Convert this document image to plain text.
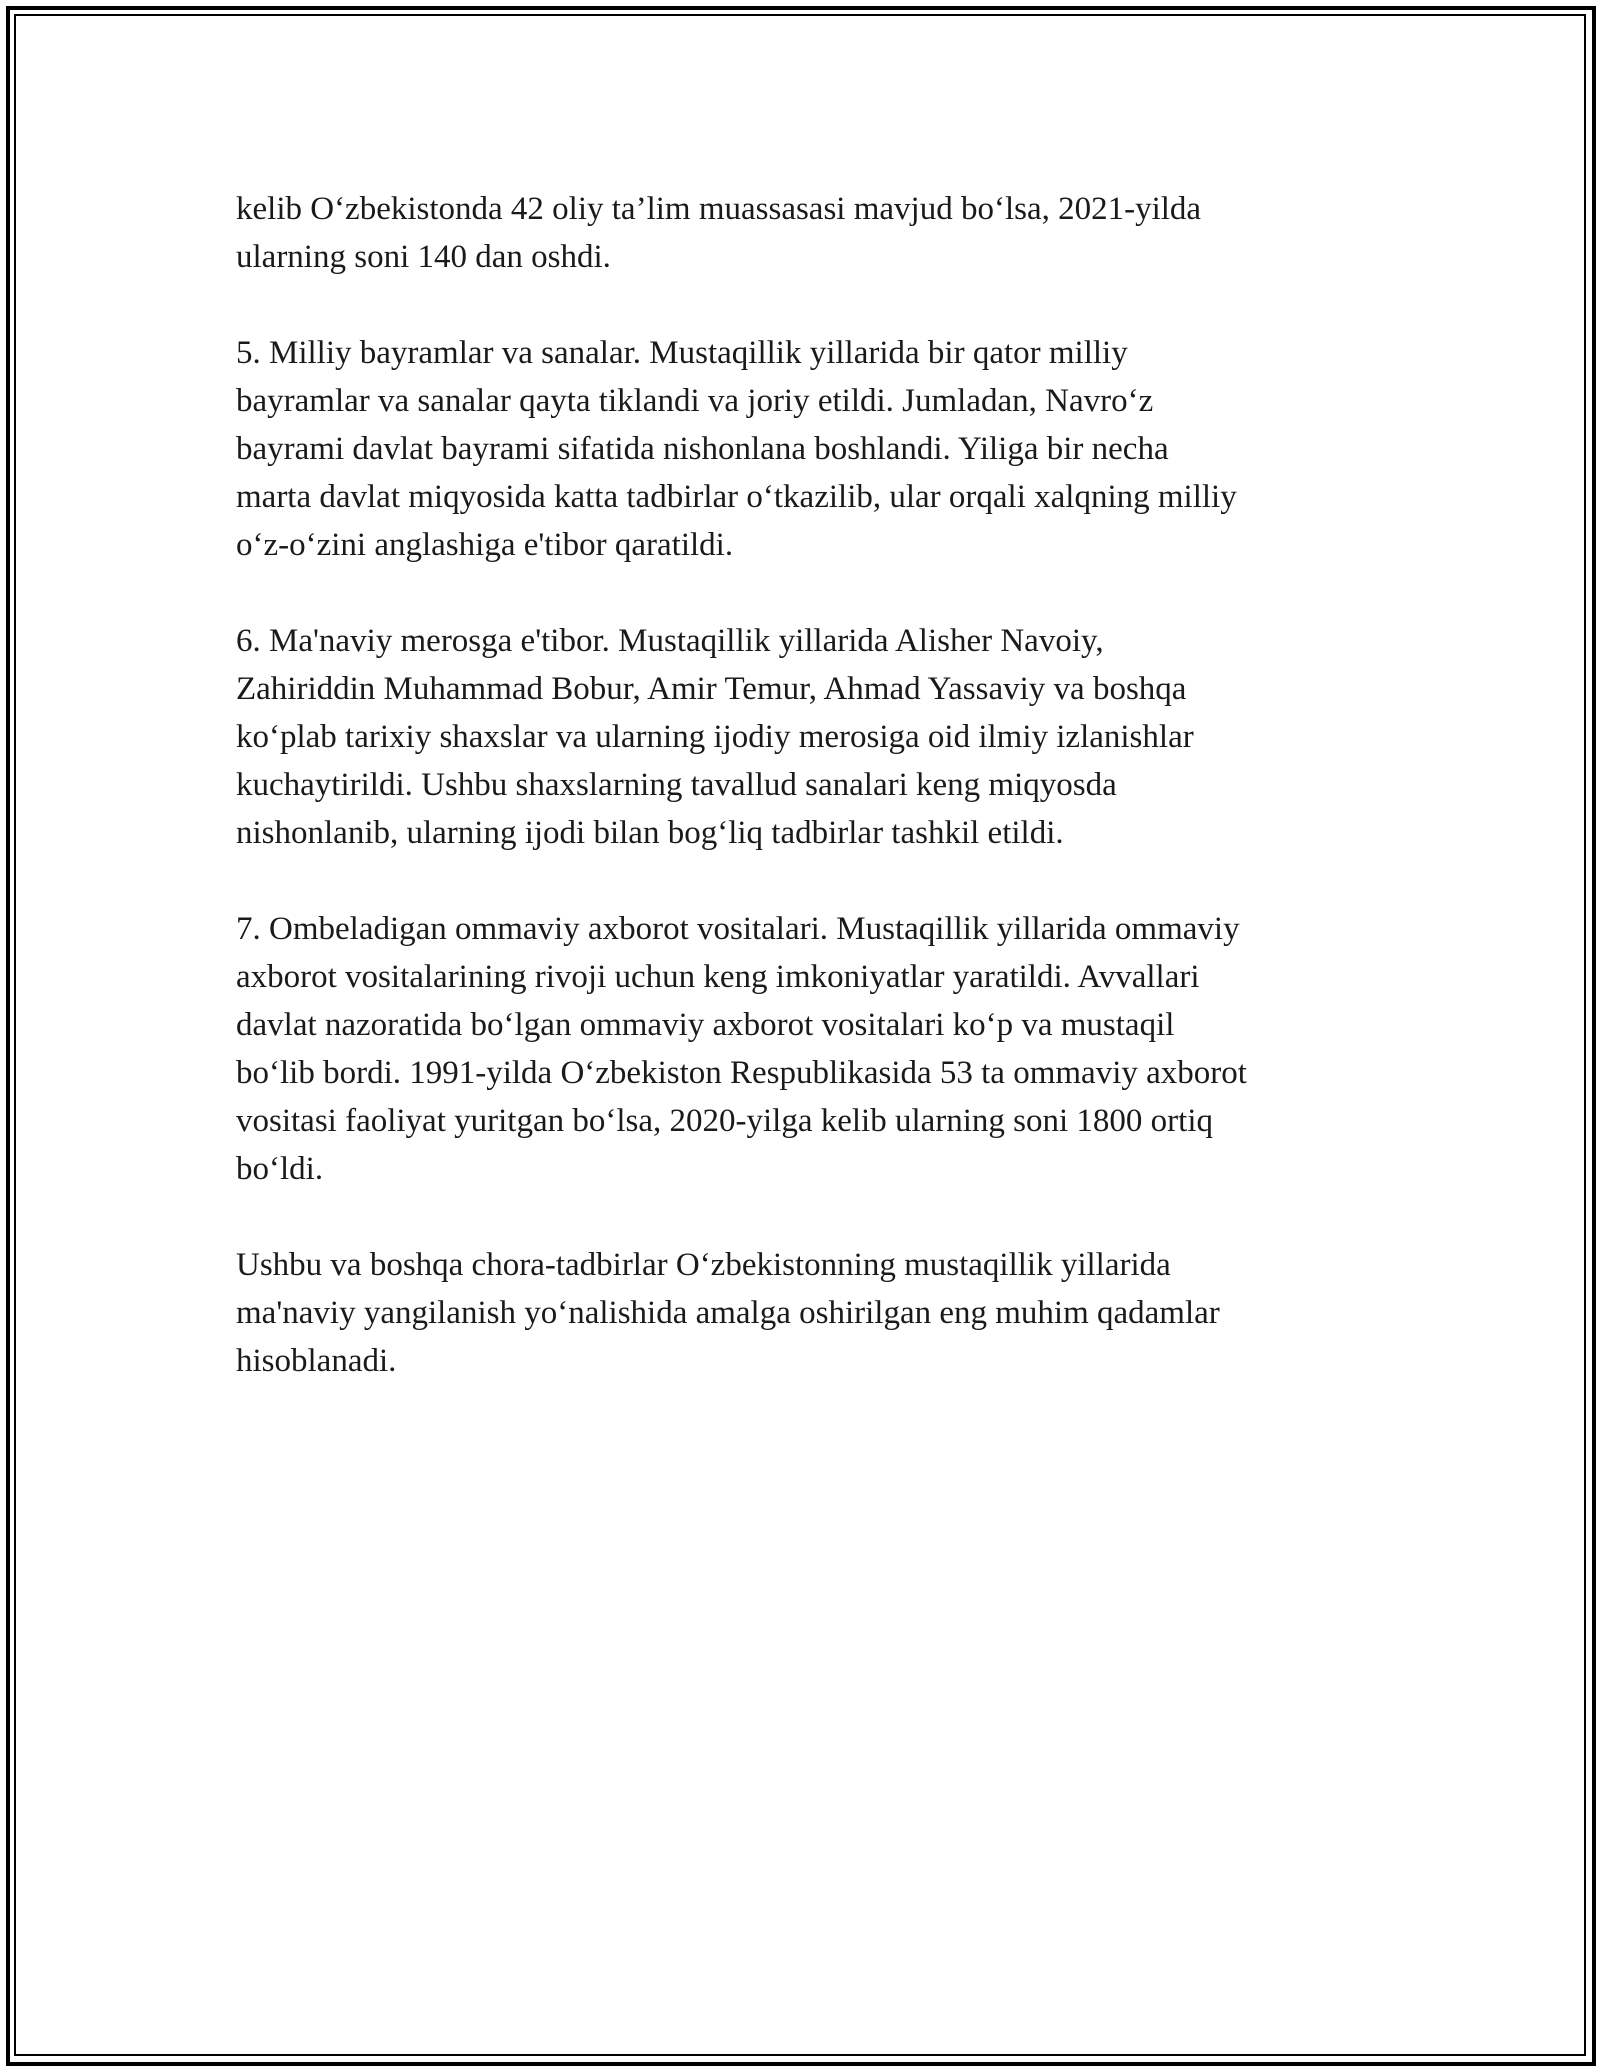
kelib O‘zbekistonda 42 oliy ta’lim muassasasi mavjud bo‘lsa, 2021-yilda
ularning soni 140 dan oshdi.

5. Milliy bayramlar va sanalar. Mustaqillik yillarida bir qator milliy
bayramlar va sanalar qayta tiklandi va joriy etildi. Jumladan, Navro‘z
bayrami davlat bayrami sifatida nishonlana boshlandi. Yiliga bir necha
marta davlat miqyosida katta tadbirlar o‘tkazilib, ular orqali xalqning milliy
o‘z-o‘zini anglashiga e'tibor qaratildi.

6. Ma'naviy merosga e'tibor. Mustaqillik yillarida Alisher Navoiy,
Zahiriddin Muhammad Bobur, Amir Temur, Ahmad Yassaviy va boshqa
ko‘plab tarixiy shaxslar va ularning ijodiy merosiga oid ilmiy izlanishlar
kuchaytirildi. Ushbu shaxslarning tavallud sanalari keng miqyosda
nishonlanib, ularning ijodi bilan bog‘liq tadbirlar tashkil etildi.

7. Ombeladigan ommaviy axborot vositalari. Mustaqillik yillarida ommaviy
axborot vositalarining rivoji uchun keng imkoniyatlar yaratildi. Avvallari
davlat nazoratida bo‘lgan ommaviy axborot vositalari ko‘p va mustaqil
bo‘lib bordi. 1991-yilda O‘zbekiston Respublikasida 53 ta ommaviy axborot
vositasi faoliyat yuritgan bo‘lsa, 2020-yilga kelib ularning soni 1800 ortiq
bo‘ldi.

Ushbu va boshqa chora-tadbirlar O‘zbekistonning mustaqillik yillarida
ma'naviy yangilanish yo‘nalishida amalga oshirilgan eng muhim qadamlar
hisoblanadi.
